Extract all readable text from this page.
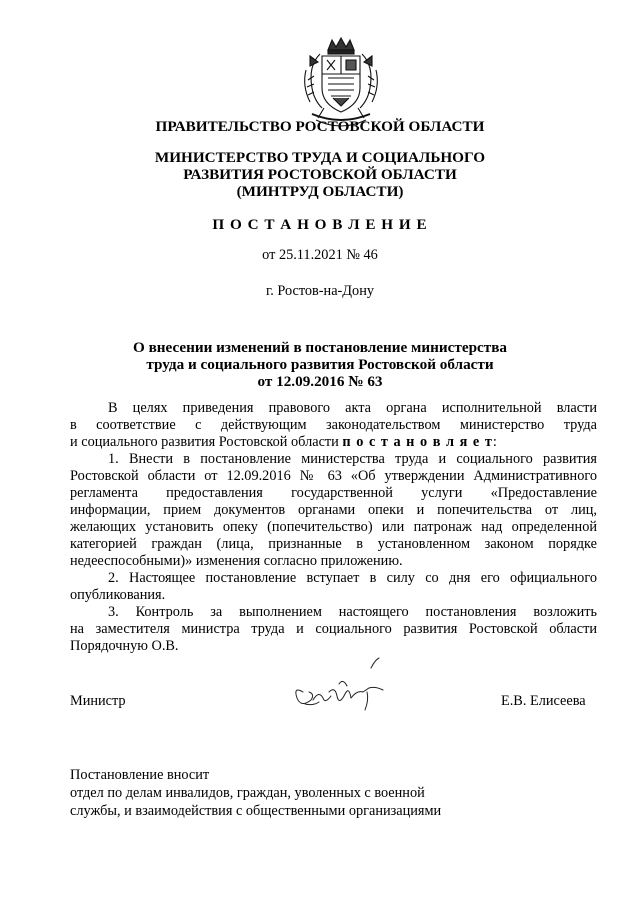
ПРАВИТЕЛЬСТВО РОСТОВСКОЙ ОБЛАСТИ
МИНИСТЕРСТВО ТРУДА И СОЦИАЛЬНОГО
РАЗВИТИЯ РОСТОВСКОЙ ОБЛАСТИ
(МИНТРУД ОБЛАСТИ)
П О С Т А Н О В Л Е Н И Е
от 25.11.2021 № 46
г. Ростов-на-Дону
О внесении изменений в постановление министерства
труда и социального развития Ростовской области
от 12.09.2016 № 63
В целях приведения правового акта органа исполнительной власти
в соответствие с действующим законодательством министерство труда
и социального развития Ростовской области п о с т а н о в л я е т:
1. Внести в постановление министерства труда и социального развития
Ростовской области от 12.09.2016 № 63 «Об утверждении Административного
регламента предоставления государственной услуги «Предоставление
информации, прием документов органами опеки и попечительства от лиц,
желающих установить опеку (попечительство) или патронаж над определенной
категорией граждан (лица, признанные в установленном законом порядке
недееспособными)» изменения согласно приложению.
2. Настоящее постановление вступает в силу со дня его официального
опубликования.
3. Контроль за выполнением настоящего постановления возложить
на заместителя министра труда и социального развития Ростовской области
Порядочную О.В.
Министр	Е.В. Елисеева
Постановление вносит
отдел по делам инвалидов, граждан, уволенных с военной
службы, и взаимодействия с общественными организациями
